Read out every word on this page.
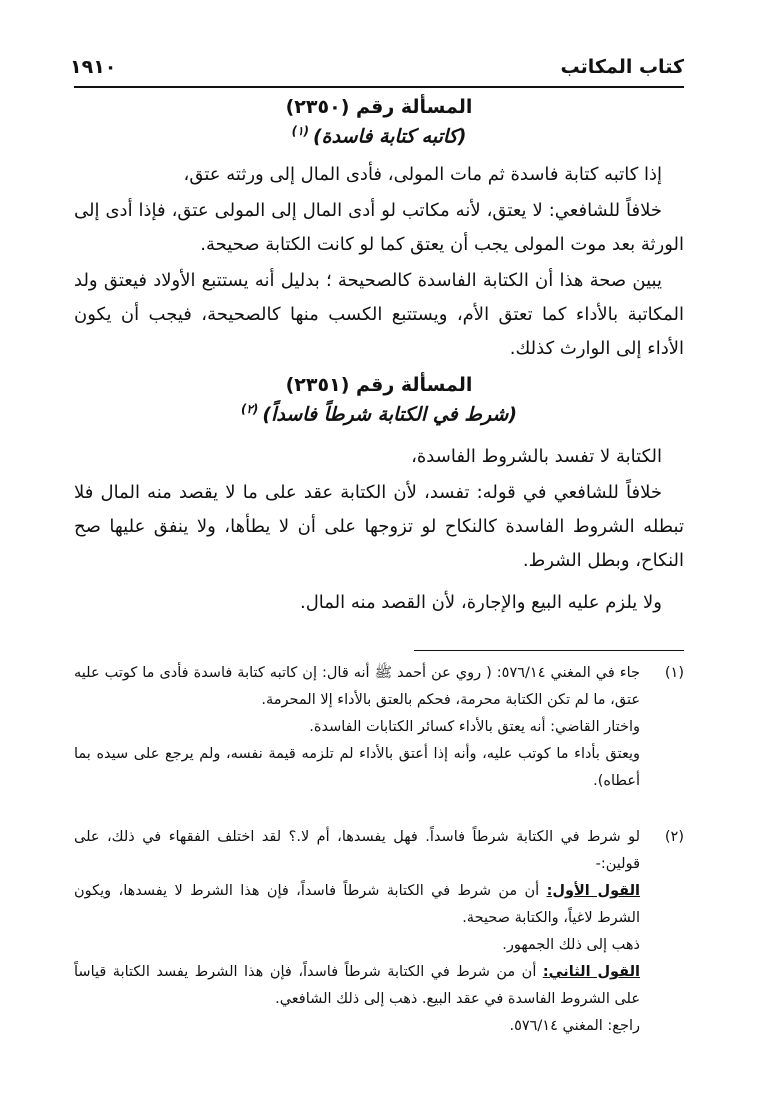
كتاب المكاتب
١٩١٠
المسألة رقم (٢٣٥٠)
(كاتبه كتابة فاسدة)$^{(١)}$
إذا كاتبه كتابة فاسدة ثم مات المولى، فأدى المال إلى ورثته عتق،
خلافاً للشافعي: لا يعتق، لأنه مكاتب لو أدى المال إلى المولى عتق، فإذا أدى إلى الورثة بعد موت المولى يجب أن يعتق كما لو كانت الكتابة صحيحة.
يبين صحة هذا أن الكتابة الفاسدة كالصحيحة ؛ بدليل أنه يستتبع الأولاد فيعتق ولد المكاتبة بالأداء كما تعتق الأم، ويستتبع الكسب منها كالصحيحة، فيجب أن يكون الأداء إلى الوارث كذلك.
المسألة رقم (٢٣٥١)
(شرط في الكتابة شرطاً فاسداً)$^{(٢)}$
الكتابة لا تفسد بالشروط الفاسدة،
خلافاً للشافعي في قوله: تفسد، لأن الكتابة عقد على ما لا يقصد منه المال فلا تبطله الشروط الفاسدة كالنكاح لو تزوجها على أن لا يطأها، ولا ينفق عليها صح النكاح، وبطل الشرط.
ولا يلزم عليه البيع والإجارة، لأن القصد منه المال.
(١)
جاء في المغني ٥٧٦/١٤: ( روي عن أحمد ﷺ أنه قال: إن كاتبه كتابة فاسدة فأدى ما كوتب عليه عتق، ما لم تكن الكتابة محرمة، فحكم بالعتق بالأداء إلا المحرمة.
واختار القاضي: أنه يعتق بالأداء كسائر الكتابات الفاسدة.
ويعتق بأداء ما كوتب عليه، وأنه إذا أعتق بالأداء لم تلزمه قيمة نفسه، ولم يرجع على سيده بما أعطاه).
(٢)
لو شرط في الكتابة شرطاً فاسداً. فهل يفسدها، أم لا.؟ لقد اختلف الفقهاء في ذلك، على قولين:-
القول الأول: أن من شرط في الكتابة شرطاً فاسداً، فإن هذا الشرط لا يفسدها، ويكون الشرط لاغياً، والكتابة صحيحة.
ذهب إلى ذلك الجمهور.
القول الثاني: أن من شرط في الكتابة شرطاً فاسداً، فإن هذا الشرط يفسد الكتابة قياساً على الشروط الفاسدة في عقد البيع. ذهب إلى ذلك الشافعي.
راجع: المغني ٥٧٦/١٤.
